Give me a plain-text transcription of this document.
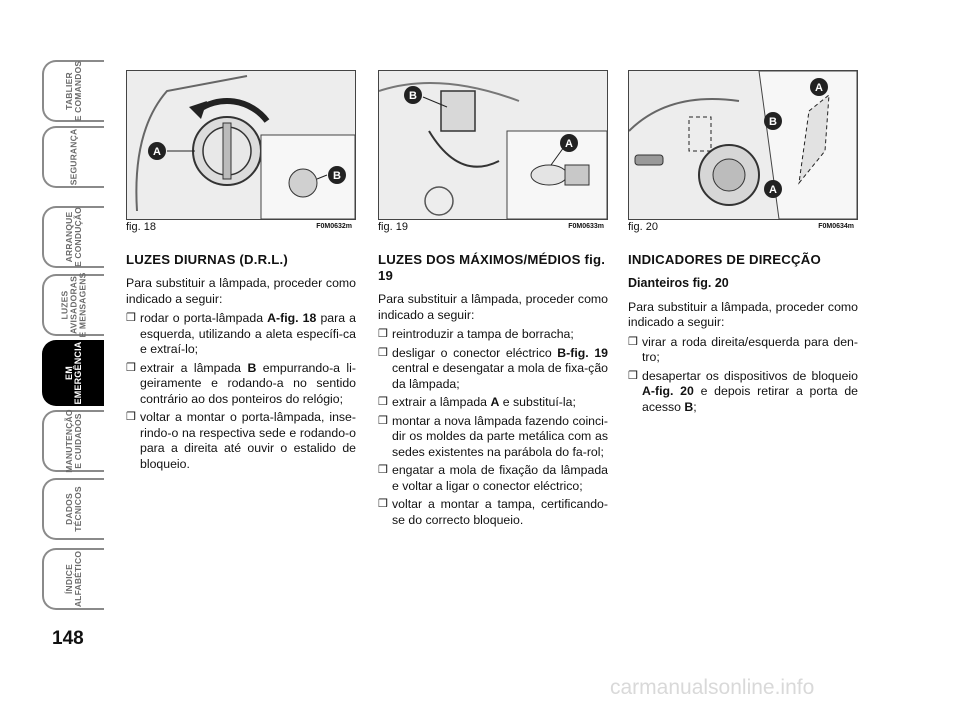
TABLIER
E COMANDOS
SEGURANÇA
ARRANQUE
E CONDUÇÃO
LUZES
AVISADORAS
E MENSAGENS
EM
EMERGÊNCIA
MANUTENÇÃO
E CUIDADOS
DADOS
TÉCNICOS
ÍNDICE
ALFABÉTICO
148
A
B
fig. 18	F0M0632m
B
A
fig. 19	F0M0633m
A
B
A
fig. 20	F0M0634m
LUZES DIURNAS (D.R.L.)

Para substituir a lâmpada, proceder como indicado a seguir:

❒ rodar o porta-lâmpada A-fig. 18 para a esquerda, utilizando a aleta específi-ca e extraí-lo;
❒ extrair a lâmpada B empurrando-a li-geiramente e rodando-a no sentido contrário ao dos ponteiros do relógio;
❒ voltar a montar o porta-lâmpada, inse-rindo-o na respectiva sede e rodando-o para a direita até ouvir o estalido de bloqueio.
LUZES DOS MÁXIMOS/MÉDIOS fig. 19

Para substituir a lâmpada, proceder como indicado a seguir:

❒ reintroduzir a tampa de borracha;
❒ desligar o conector eléctrico B-fig. 19 central e desengatar a mola de fixa-ção da lâmpada;
❒ extrair a lâmpada A e substituí-la;
❒ montar a nova lâmpada fazendo coinci-dir os moldes da parte metálica com as sedes existentes na parábola do fa-rol;
❒ engatar a mola de fixação da lâmpada e voltar a ligar o conector eléctrico;
❒ voltar a montar a tampa, certificando-se do correcto bloqueio.
INDICADORES DE DIRECÇÃO
Dianteiros fig. 20

Para substituir a lâmpada, proceder como indicado a seguir:

❒ virar a roda direita/esquerda para den-tro;
❒ desapertar os dispositivos de bloqueio A-fig. 20 e depois retirar a porta de acesso B;
carmanualsonline.info
